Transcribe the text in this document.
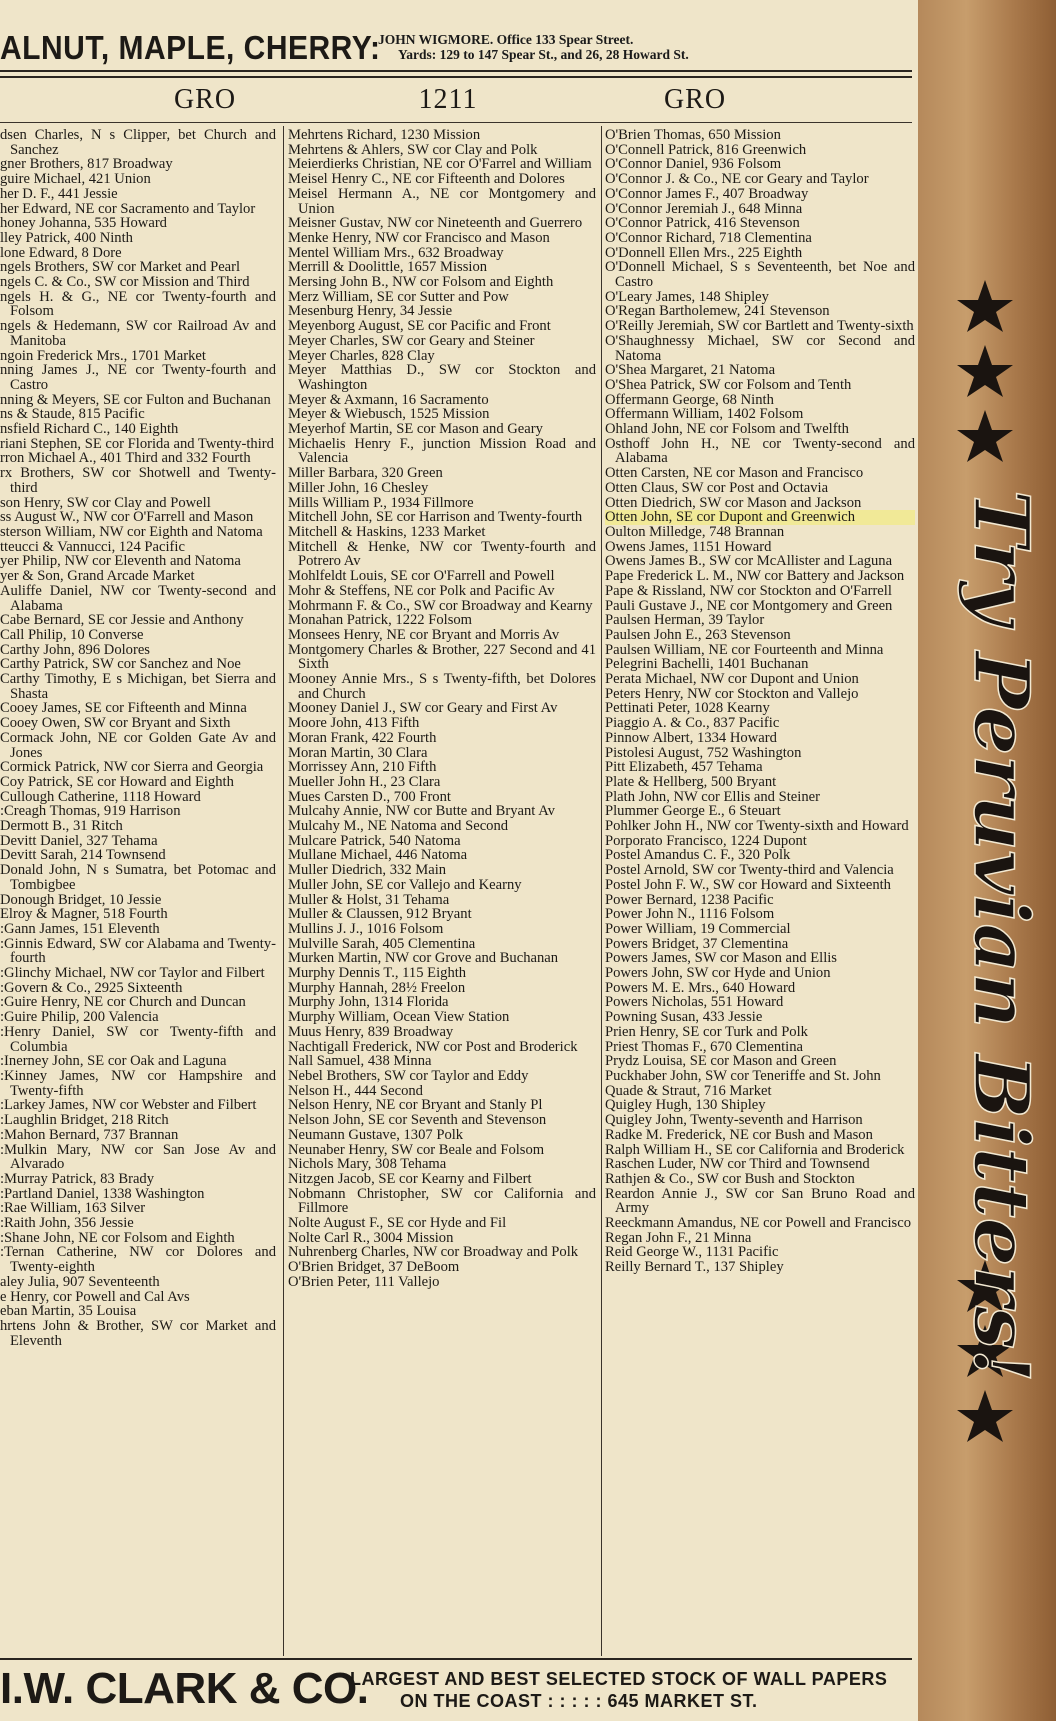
ALNUT, MAPLE, CHERRY:
JOHN WIGMORE. Office 133 Spear Street.
Yards: 129 to 147 Spear St., and 26, 28 Howard St.
GRO	1211	GRO

dsen Charles, N s Clipper, bet Church and Sanchez

gner Brothers, 817 Broadway

guire Michael, 421 Union

her D. F., 441 Jessie

her Edward, NE cor Sacramento and Taylor

honey Johanna, 535 Howard

lley Patrick, 400 Ninth

lone Edward, 8 Dore

ngels Brothers, SW cor Market and Pearl

ngels C. & Co., SW cor Mission and Third

ngels H. & G., NE cor Twenty-fourth and Folsom

ngels & Hedemann, SW cor Railroad Av and Manitoba

ngoin Frederick Mrs., 1701 Market

nning James J., NE cor Twenty-fourth and Castro

nning & Meyers, SE cor Fulton and Buchanan

ns & Staude, 815 Pacific

nsfield Richard C., 140 Eighth

riani Stephen, SE cor Florida and Twenty-third

rron Michael A., 401 Third and 332 Fourth

rx Brothers, SW cor Shotwell and Twenty-third

son Henry, SW cor Clay and Powell

ss August W., NW cor O'Farrell and Mason

sterson William, NW cor Eighth and Natoma

tteucci & Vannucci, 124 Pacific

yer Philip, NW cor Eleventh and Natoma

yer & Son, Grand Arcade Market

Auliffe Daniel, NW cor Twenty-second and Alabama

Cabe Bernard, SE cor Jessie and Anthony

Call Philip, 10 Converse

Carthy John, 896 Dolores

Carthy Patrick, SW cor Sanchez and Noe

Carthy Timothy, E s Michigan, bet Sierra and Shasta

Cooey James, SE cor Fifteenth and Minna

Cooey Owen, SW cor Bryant and Sixth

Cormack John, NE cor Golden Gate Av and Jones

Cormick Patrick, NW cor Sierra and Georgia

Coy Patrick, SE cor Howard and Eighth

Cullough Catherine, 1118 Howard

:Creagh Thomas, 919 Harrison

Dermott B., 31 Ritch

Devitt Daniel, 327 Tehama

Devitt Sarah, 214 Townsend

Donald John, N s Sumatra, bet Potomac and Tombigbee

Donough Bridget, 10 Jessie

Elroy & Magner, 518 Fourth

:Gann James, 151 Eleventh

:Ginnis Edward, SW cor Alabama and Twenty-fourth

:Glinchy Michael, NW cor Taylor and Filbert

:Govern & Co., 2925 Sixteenth

:Guire Henry, NE cor Church and Duncan

:Guire Philip, 200 Valencia

:Henry Daniel, SW cor Twenty-fifth and Columbia

:Inerney John, SE cor Oak and Laguna

:Kinney James, NW cor Hampshire and Twenty-fifth

:Larkey James, NW cor Webster and Filbert

:Laughlin Bridget, 218 Ritch

:Mahon Bernard, 737 Brannan

:Mulkin Mary, NW cor San Jose Av and Alvarado

:Murray Patrick, 83 Brady

:Partland Daniel, 1338 Washington

:Rae William, 163 Silver

:Raith John, 356 Jessie

:Shane John, NE cor Folsom and Eighth

:Ternan Catherine, NW cor Dolores and Twenty-eighth

aley Julia, 907 Seventeenth

e Henry, cor Powell and Cal Avs

eban Martin, 35 Louisa

hrtens John & Brother, SW cor Market and Eleventh

Mehrtens Richard, 1230 Mission

Mehrtens & Ahlers, SW cor Clay and Polk

Meierdierks Christian, NE cor O'Farrel and William

Meisel Henry C., NE cor Fifteenth and Dolores

Meisel Hermann A., NE cor Montgomery and Union

Meisner Gustav, NW cor Nineteenth and Guerrero

Menke Henry, NW cor Francisco and Mason

Mentel William Mrs., 632 Broadway

Merrill & Doolittle, 1657 Mission

Mersing John B., NW cor Folsom and Eighth

Merz William, SE cor Sutter and Pow

Mesenburg Henry, 34 Jessie

Meyenborg August, SE cor Pacific and Front

Meyer Charles, SW cor Geary and Steiner

Meyer Charles, 828 Clay

Meyer Matthias D., SW cor Stockton and Washington

Meyer & Axmann, 16 Sacramento

Meyer & Wiebusch, 1525 Mission

Meyerhof Martin, SE cor Mason and Geary

Michaelis Henry F., junction Mission Road and Valencia

Miller Barbara, 320 Green

Miller John, 16 Chesley

Mills William P., 1934 Fillmore

Mitchell John, SE cor Harrison and Twenty-fourth

Mitchell & Haskins, 1233 Market

Mitchell & Henke, NW cor Twenty-fourth and Potrero Av

Mohlfeldt Louis, SE cor O'Farrell and Powell

Mohr & Steffens, NE cor Polk and Pacific Av

Mohrmann F. & Co., SW cor Broadway and Kearny

Monahan Patrick, 1222 Folsom

Monsees Henry, NE cor Bryant and Morris Av

Montgomery Charles & Brother, 227 Second and 41 Sixth

Mooney Annie Mrs., S s Twenty-fifth, bet Dolores and Church

Mooney Daniel J., SW cor Geary and First Av

Moore John, 413 Fifth

Moran Frank, 422 Fourth

Moran Martin, 30 Clara

Morrissey Ann, 210 Fifth

Mueller John H., 23 Clara

Mues Carsten D., 700 Front

Mulcahy Annie, NW cor Butte and Bryant Av

Mulcahy M., NE Natoma and Second

Mulcare Patrick, 540 Natoma

Mullane Michael, 446 Natoma

Muller Diedrich, 332 Main

Muller John, SE cor Vallejo and Kearny

Muller & Holst, 31 Tehama

Muller & Claussen, 912 Bryant

Mullins J. J., 1016 Folsom

Mulville Sarah, 405 Clementina

Murken Martin, NW cor Grove and Buchanan

Murphy Dennis T., 115 Eighth

Murphy Hannah, 28½ Freelon

Murphy John, 1314 Florida

Murphy William, Ocean View Station

Muus Henry, 839 Broadway

Nachtigall Frederick, NW cor Post and Broderick

Nall Samuel, 438 Minna

Nebel Brothers, SW cor Taylor and Eddy

Nelson H., 444 Second

Nelson Henry, NE cor Bryant and Stanly Pl

Nelson John, SE cor Seventh and Stevenson

Neumann Gustave, 1307 Polk

Neunaber Henry, SW cor Beale and Folsom

Nichols Mary, 308 Tehama

Nitzgen Jacob, SE cor Kearny and Filbert

Nobmann Christopher, SW cor California and Fillmore

Nolte August F., SE cor Hyde and Fil

Nolte Carl R., 3004 Mission

Nuhrenberg Charles, NW cor Broadway and Polk

O'Brien Bridget, 37 DeBoom

O'Brien Peter, 111 Vallejo

O'Brien Thomas, 650 Mission

O'Connell Patrick, 816 Greenwich

O'Connor Daniel, 936 Folsom

O'Connor J. & Co., NE cor Geary and Taylor

O'Connor James F., 407 Broadway

O'Connor Jeremiah J., 648 Minna

O'Connor Patrick, 416 Stevenson

O'Connor Richard, 718 Clementina

O'Donnell Ellen Mrs., 225 Eighth

O'Donnell Michael, S s Seventeenth, bet Noe and Castro

O'Leary James, 148 Shipley

O'Regan Bartholemew, 241 Stevenson

O'Reilly Jeremiah, SW cor Bartlett and Twenty-sixth

O'Shaughnessy Michael, SW cor Second and Natoma

O'Shea Margaret, 21 Natoma

O'Shea Patrick, SW cor Folsom and Tenth

Offermann George, 68 Ninth

Offermann William, 1402 Folsom

Ohland John, NE cor Folsom and Twelfth

Osthoff John H., NE cor Twenty-second and Alabama

Otten Carsten, NE cor Mason and Francisco

Otten Claus, SW cor Post and Octavia

Otten Diedrich, SW cor Mason and Jackson

Otten John, SE cor Dupont and Greenwich

Oulton Milledge, 748 Brannan

Owens James, 1151 Howard

Owens James B., SW cor McAllister and Laguna

Pape Frederick L. M., NW cor Battery and Jackson

Pape & Rissland, NW cor Stockton and O'Farrell

Pauli Gustave J., NE cor Montgomery and Green

Paulsen Herman, 39 Taylor

Paulsen John E., 263 Stevenson

Paulsen William, NE cor Fourteenth and Minna

Pelegrini Bachelli, 1401 Buchanan

Perata Michael, NW cor Dupont and Union

Peters Henry, NW cor Stockton and Vallejo

Pettinati Peter, 1028 Kearny

Piaggio A. & Co., 837 Pacific

Pinnow Albert, 1334 Howard

Pistolesi August, 752 Washington

Pitt Elizabeth, 457 Tehama

Plate & Hellberg, 500 Bryant

Plath John, NW cor Ellis and Steiner

Plummer George E., 6 Steuart

Pohlker John H., NW cor Twenty-sixth and Howard

Porporato Francisco, 1224 Dupont

Postel Amandus C. F., 320 Polk

Postel Arnold, SW cor Twenty-third and Valencia

Postel John F. W., SW cor Howard and Sixteenth

Power Bernard, 1238 Pacific

Power John N., 1116 Folsom

Power William, 19 Commercial

Powers Bridget, 37 Clementina

Powers James, SW cor Mason and Ellis

Powers John, SW cor Hyde and Union

Powers M. E. Mrs., 640 Howard

Powers Nicholas, 551 Howard

Powning Susan, 433 Jessie

Prien Henry, SE cor Turk and Polk

Priest Thomas F., 670 Clementina

Prydz Louisa, SE cor Mason and Green

Puckhaber John, SW cor Teneriffe and St. John

Quade & Straut, 716 Market

Quigley Hugh, 130 Shipley

Quigley John, Twenty-seventh and Harrison

Radke M. Frederick, NE cor Bush and Mason

Ralph William H., SE cor California and Broderick

Raschen Luder, NW cor Third and Townsend

Rathjen & Co., SW cor Bush and Stockton

Reardon Annie J., SW cor San Bruno Road and Army

Reeckmann Amandus, NE cor Powell and Francisco

Regan John F., 21 Minna

Reid George W., 1131 Pacific

Reilly Bernard T., 137 Shipley

I.W. CLARK & CO.
LARGEST AND BEST SELECTED STOCK OF WALL PAPERS
ON THE COAST : : : : : 645 MARKET ST.
Try Peruvian Bitters!
